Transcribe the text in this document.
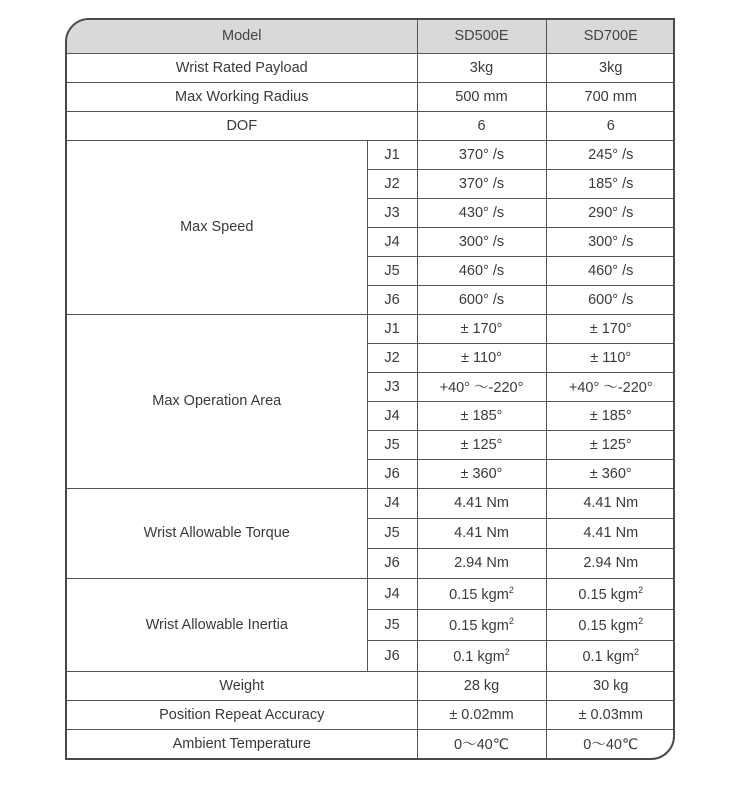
Model		SD500E	SD700E
Wrist Rated Payload		3kg	3kg
Max Working Radius		500 mm	700 mm
DOF		6	6
Max Speed	J1	370° /s	245° /s
	J2	370° /s	185° /s
	J3	430° /s	290° /s
	J4	300° /s	300° /s
	J5	460° /s	460° /s
	J6	600° /s	600° /s
Max Operation Area	J1	± 170°	± 170°
	J2	± 110°	± 110°
	J3	+40° ～-220°	+40° ～-220°
	J4	± 185°	± 185°
	J5	± 125°	± 125°
	J6	± 360°	± 360°
Wrist Allowable Torque	J4	4.41 Nm	4.41 Nm
	J5	4.41 Nm	4.41 Nm
	J6	2.94 Nm	2.94 Nm
Wrist Allowable Inertia	J4	0.15 kgm$^2$	0.15 kgm$^2$
	J5	0.15 kgm$^2$	0.15 kgm$^2$
	J6	0.1 kgm$^2$	0.1 kgm$^2$
Weight		28 kg	30 kg
Position Repeat Accuracy		± 0.02mm	± 0.03mm
Ambient Temperature		0～40℃	0～40℃
